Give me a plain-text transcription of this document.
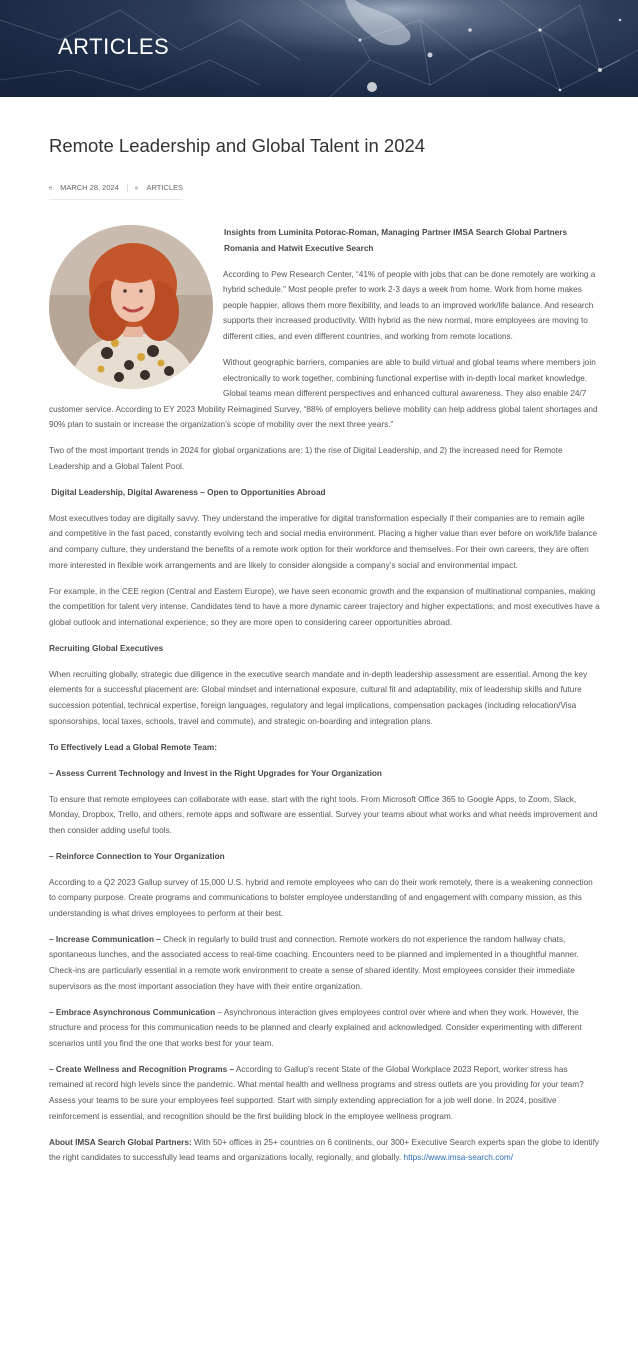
ARTICLES
Remote Leadership and Global Talent in 2024
MARCH 28, 2024	ARTICLES

Insights from Luminita Potorac-Roman, Managing Partner IMSA Search Global Partners Romania and Hatwit Executive Search

According to Pew Research Center, “41% of people with jobs that can be done remotely are working a hybrid schedule.” Most people prefer to work 2-3 days a week from home. Work from home makes people happier, allows them more flexibility, and leads to an improved work/life balance. And research supports their increased productivity. With hybrid as the new normal, more employees are moving to different cities, and even different countries, and working from remote locations.

Without geographic barriers, companies are able to build virtual and global teams where members join electronically to work together, combining functional expertise with in-depth local market knowledge. Global teams mean different perspectives and enhanced cultural awareness. They also enable 24/7 customer service. According to EY 2023 Mobility Reimagined Survey, “88% of employers believe mobility can help address global talent shortages and 90% plan to sustain or increase the organization’s scope of mobility over the next three years.”

Two of the most important trends in 2024 for global organizations are: 1) the rise of Digital Leadership, and 2) the increased need for Remote Leadership and a Global Talent Pool.

Digital Leadership, Digital Awareness – Open to Opportunities Abroad

Most executives today are digitally savvy. They understand the imperative for digital transformation especially if their companies are to remain agile and competitive in the fast paced, constantly evolving tech and social media environment. Placing a higher value than ever before on work/life balance and company culture, they understand the benefits of a remote work option for their workforce and themselves. For their own careers, they are often more interested in flexible work arrangements and are likely to consider alongside a company’s social and environmental impact.

For example, in the CEE region (Central and Eastern Europe), we have seen economic growth and the expansion of multinational companies, making the competition for talent very intense. Candidates tend to have a more dynamic career trajectory and higher expectations; and most executives have a global outlook and international experience, so they are more open to considering career opportunities abroad.

Recruiting Global Executives

When recruiting globally, strategic due diligence in the executive search mandate and in-depth leadership assessment are essential. Among the key elements for a successful placement are: Global mindset and international exposure, cultural fit and adaptability, mix of leadership skills and future succession potential, technical expertise, foreign languages, regulatory and legal implications, compensation packages (including relocation/Visa sponsorships, local taxes, schools, travel and commute), and strategic on-boarding and integration plans.

To Effectively Lead a Global Remote Team:

– Assess Current Technology and Invest in the Right Upgrades for Your Organization

To ensure that remote employees can collaborate with ease, start with the right tools. From Microsoft Office 365 to Google Apps, to Zoom, Slack, Monday, Dropbox, Trello, and others, remote apps and software are essential. Survey your teams about what works and what needs improvement and then consider adding useful tools.

– Reinforce Connection to Your Organization

According to a Q2 2023 Gallup survey of 15,000 U.S. hybrid and remote employees who can do their work remotely, there is a weakening connection to company purpose. Create programs and communications to bolster employee understanding of and engagement with company mission, as this understanding is what drives employees to perform at their best.

– Increase Communication – Check in regularly to build trust and connection. Remote workers do not experience the random hallway chats, spontaneous lunches, and the associated access to real-time coaching. Encounters need to be planned and implemented in a thoughtful manner. Check-ins are particularly essential in a remote work environment to create a sense of shared identity. Most employees consider their immediate supervisors as the most important association they have with their entire organization.

– Embrace Asynchronous Communication – Asynchronous interaction gives employees control over where and when they work. However, the structure and process for this communication needs to be planned and clearly explained and acknowledged. Consider experimenting with different scenarios until you find the one that works best for your team.

– Create Wellness and Recognition Programs – According to Gallup’s recent State of the Global Workplace 2023 Report, worker stress has remained at record high levels since the pandemic. What mental health and wellness programs and stress outlets are you providing for your team? Assess your teams to be sure your employees feel supported. Start with simply extending appreciation for a job well done. In 2024, positive reinforcement is essential, and recognition should be the first building block in the employee wellness program.

About IMSA Search Global Partners: With 50+ offices in 25+ countries on 6 continents, our 300+ Executive Search experts span the globe to identify the right candidates to successfully lead teams and organizations locally, regionally, and globally. https://www.imsa-search.com/
